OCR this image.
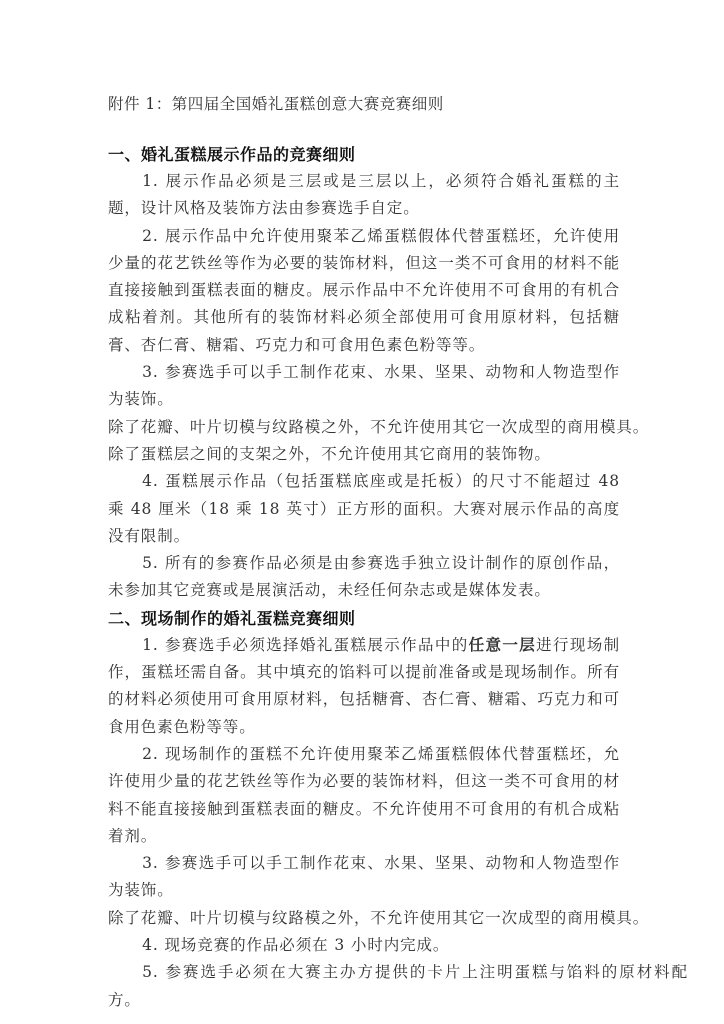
附件 1：第四届全国婚礼蛋糕创意大赛竞赛细则

一、婚礼蛋糕展示作品的竞赛细则

1. 展示作品必须是三层或是三层以上，必须符合婚礼蛋糕的主题，设计风格及装饰方法由参赛选手自定。

2. 展示作品中允许使用聚苯乙烯蛋糕假体代替蛋糕坯，允许使用少量的花艺铁丝等作为必要的装饰材料，但这一类不可食用的材料不能直接接触到蛋糕表面的糖皮。展示作品中不允许使用不可食用的有机合成粘着剂。其他所有的装饰材料必须全部使用可食用原材料，包括糖膏、杏仁膏、糖霜、巧克力和可食用色素色粉等等。

3. 参赛选手可以手工制作花束、水果、坚果、动物和人物造型作为装饰。

除了花瓣、叶片切模与纹路模之外，不允许使用其它一次成型的商用模具。

除了蛋糕层之间的支架之外，不允许使用其它商用的装饰物。

4. 蛋糕展示作品（包括蛋糕底座或是托板）的尺寸不能超过 48 乘 48 厘米（18 乘 18 英寸）正方形的面积。大赛对展示作品的高度没有限制。

5. 所有的参赛作品必须是由参赛选手独立设计制作的原创作品，未参加其它竞赛或是展演活动，未经任何杂志或是媒体发表。

二、现场制作的婚礼蛋糕竞赛细则

1. 参赛选手必须选择婚礼蛋糕展示作品中的任意一层进行现场制作，蛋糕坯需自备。其中填充的馅料可以提前准备或是现场制作。所有的材料必须使用可食用原材料，包括糖膏、杏仁膏、糖霜、巧克力和可食用色素色粉等等。

2. 现场制作的蛋糕不允许使用聚苯乙烯蛋糕假体代替蛋糕坯，允许使用少量的花艺铁丝等作为必要的装饰材料，但这一类不可食用的材料不能直接接触到蛋糕表面的糖皮。不允许使用不可食用的有机合成粘着剂。

3. 参赛选手可以手工制作花束、水果、坚果、动物和人物造型作为装饰。

除了花瓣、叶片切模与纹路模之外，不允许使用其它一次成型的商用模具。

4. 现场竞赛的作品必须在 3 小时内完成。

5. 参赛选手必须在大赛主办方提供的卡片上注明蛋糕与馅料的原材料配方。
